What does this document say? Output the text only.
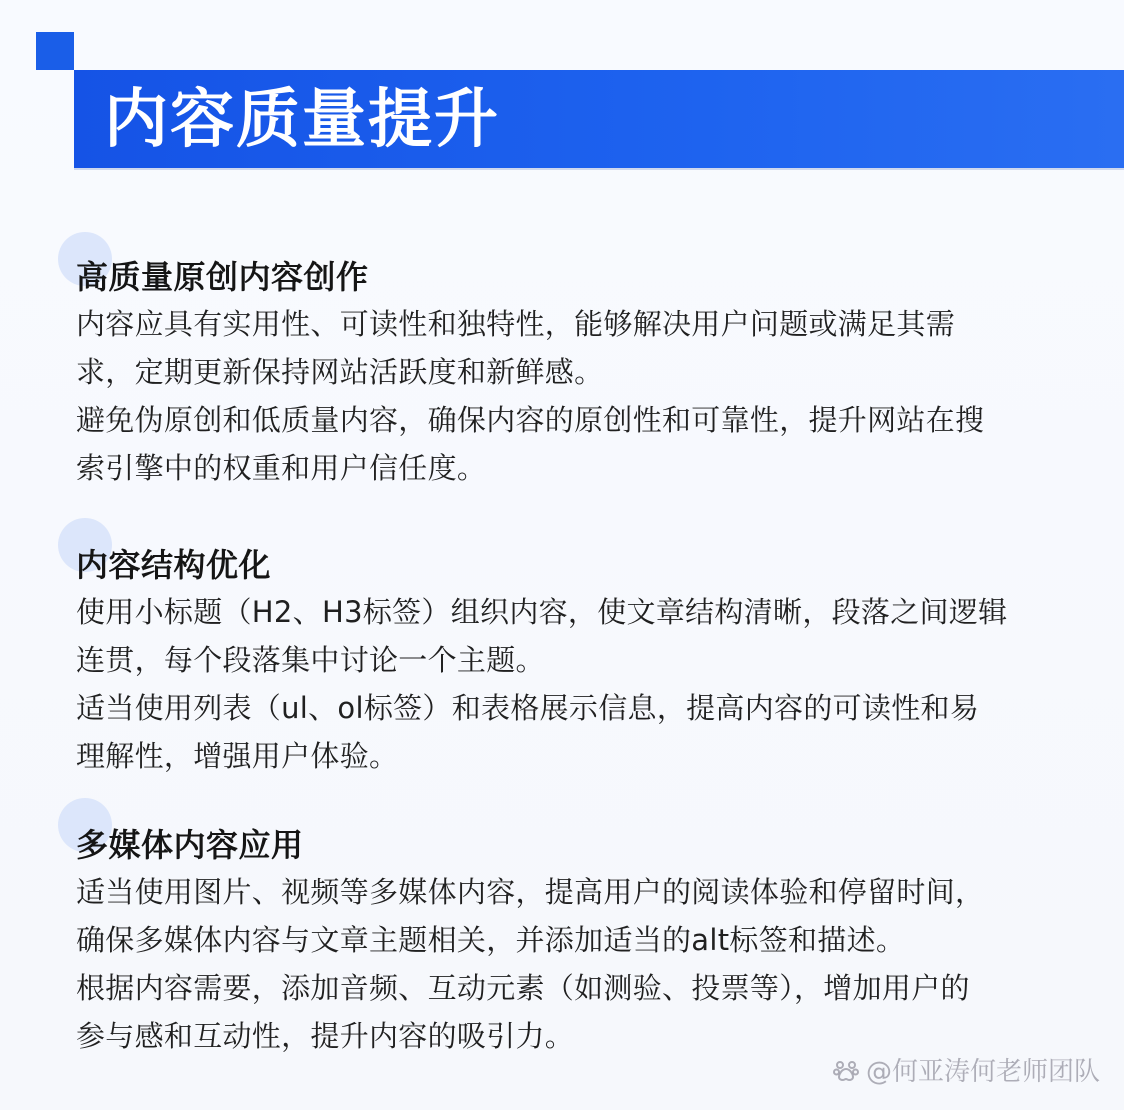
内容质量提升
高质量原创内容创作
内容应具有实用性、可读性和独特性，能够解决用户问题或满足其需
求，定期更新保持网站活跃度和新鲜感。
避免伪原创和低质量内容，确保内容的原创性和可靠性，提升网站在搜
索引擎中的权重和用户信任度。
内容结构优化
使用小标题（H2、H3标签）组织内容，使文章结构清晰，段落之间逻辑
连贯，每个段落集中讨论一个主题。
适当使用列表（ul、ol标签）和表格展示信息，提高内容的可读性和易
理解性，增强用户体验。
多媒体内容应用
适当使用图片、视频等多媒体内容，提高用户的阅读体验和停留时间，
确保多媒体内容与文章主题相关，并添加适当的alt标签和描述。
根据内容需要，添加音频、互动元素（如测验、投票等），增加用户的
参与感和互动性，提升内容的吸引力。
@何亚涛何老师团队
